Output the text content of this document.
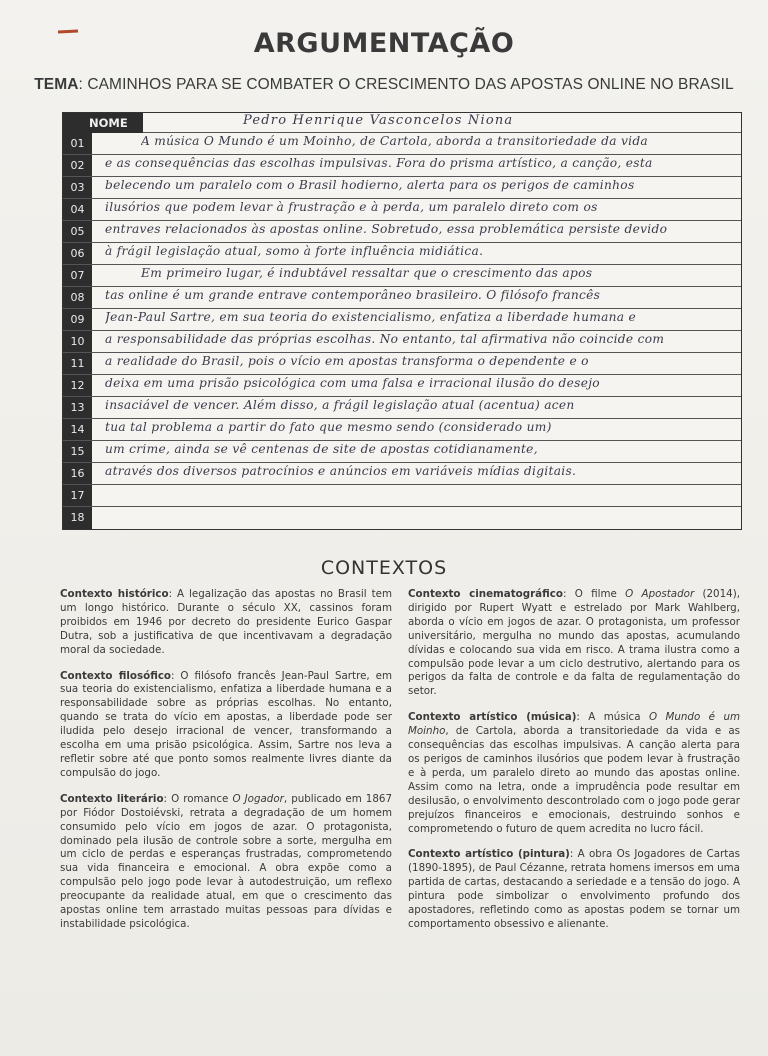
ARGUMENTAÇÃO
TEMA: CAMINHOS PARA SE COMBATER O CRESCIMENTO DAS APOSTAS ONLINE NO BRASIL
NOME	Pedro Henrique Vasconcelos Niona
01	A música O Mundo é um Moinho, de Cartola, aborda a transitoriedade da vida
02	e as consequências das escolhas impulsivas. Fora do prisma artístico, a canção, esta
03	belecendo um paralelo com o Brasil hodierno, alerta para os perigos de caminhos
04	ilusórios que podem levar à frustração e à perda, um paralelo direto com os
05	entraves relacionados às apostas online. Sobretudo, essa problemática persiste devido
06	à frágil legislação atual, somo à forte influência midiática.
07	Em primeiro lugar, é indubtável ressaltar que o crescimento das apos
08	tas online é um grande entrave contemporâneo brasileiro. O filósofo francês
09	Jean-Paul Sartre, em sua teoria do existencialismo, enfatiza a liberdade humana e
10	a responsabilidade das próprias escolhas. No entanto, tal afirmativa não coincide com
11	a realidade do Brasil, pois o vício em apostas transforma o dependente e o
12	deixa em uma prisão psicológica com uma falsa e irracional ilusão do desejo
13	insaciável de vencer. Além disso, a frágil legislação atual (acentua) acen
14	tua tal problema a partir do fato que mesmo sendo (considerado um)
15	um crime, ainda se vê centenas de site de apostas cotidianamente,
16	através dos diversos patrocínios e anúncios em variáveis mídias digitais.
17
18
CONTEXTOS

Contexto histórico: A legalização das apostas no Brasil tem um longo histórico. Durante o século XX, cassinos foram proibidos em 1946 por decreto do presidente Eurico Gaspar Dutra, sob a justificativa de que incentivavam a degradação moral da sociedade.

Contexto filosófico: O filósofo francês Jean-Paul Sartre, em sua teoria do existencialismo, enfatiza a liberdade humana e a responsabilidade sobre as próprias escolhas. No entanto, quando se trata do vício em apostas, a liberdade pode ser iludida pelo desejo irracional de vencer, transformando a escolha em uma prisão psicológica. Assim, Sartre nos leva a refletir sobre até que ponto somos realmente livres diante da compulsão do jogo.

Contexto literário: O romance O Jogador, publicado em 1867 por Fiódor Dostoiévski, retrata a degradação de um homem consumido pelo vício em jogos de azar. O protagonista, dominado pela ilusão de controle sobre a sorte, mergulha em um ciclo de perdas e esperanças frustradas, comprometendo sua vida financeira e emocional. A obra expõe como a compulsão pelo jogo pode levar à autodestruição, um reflexo preocupante da realidade atual, em que o crescimento das apostas online tem arrastado muitas pessoas para dívidas e instabilidade psicológica.

Contexto cinematográfico: O filme O Apostador (2014), dirigido por Rupert Wyatt e estrelado por Mark Wahlberg, aborda o vício em jogos de azar. O protagonista, um professor universitário, mergulha no mundo das apostas, acumulando dívidas e colocando sua vida em risco. A trama ilustra como a compulsão pode levar a um ciclo destrutivo, alertando para os perigos da falta de controle e da falta de regulamentação do setor.

Contexto artístico (música): A música O Mundo é um Moinho, de Cartola, aborda a transitoriedade da vida e as consequências das escolhas impulsivas. A canção alerta para os perigos de caminhos ilusórios que podem levar à frustração e à perda, um paralelo direto ao mundo das apostas online. Assim como na letra, onde a imprudência pode resultar em desilusão, o envolvimento descontrolado com o jogo pode gerar prejuízos financeiros e emocionais, destruindo sonhos e comprometendo o futuro de quem acredita no lucro fácil.

Contexto artístico (pintura): A obra Os Jogadores de Cartas (1890-1895), de Paul Cézanne, retrata homens imersos em uma partida de cartas, destacando a seriedade e a tensão do jogo. A pintura pode simbolizar o envolvimento profundo dos apostadores, refletindo como as apostas podem se tornar um comportamento obsessivo e alienante.
